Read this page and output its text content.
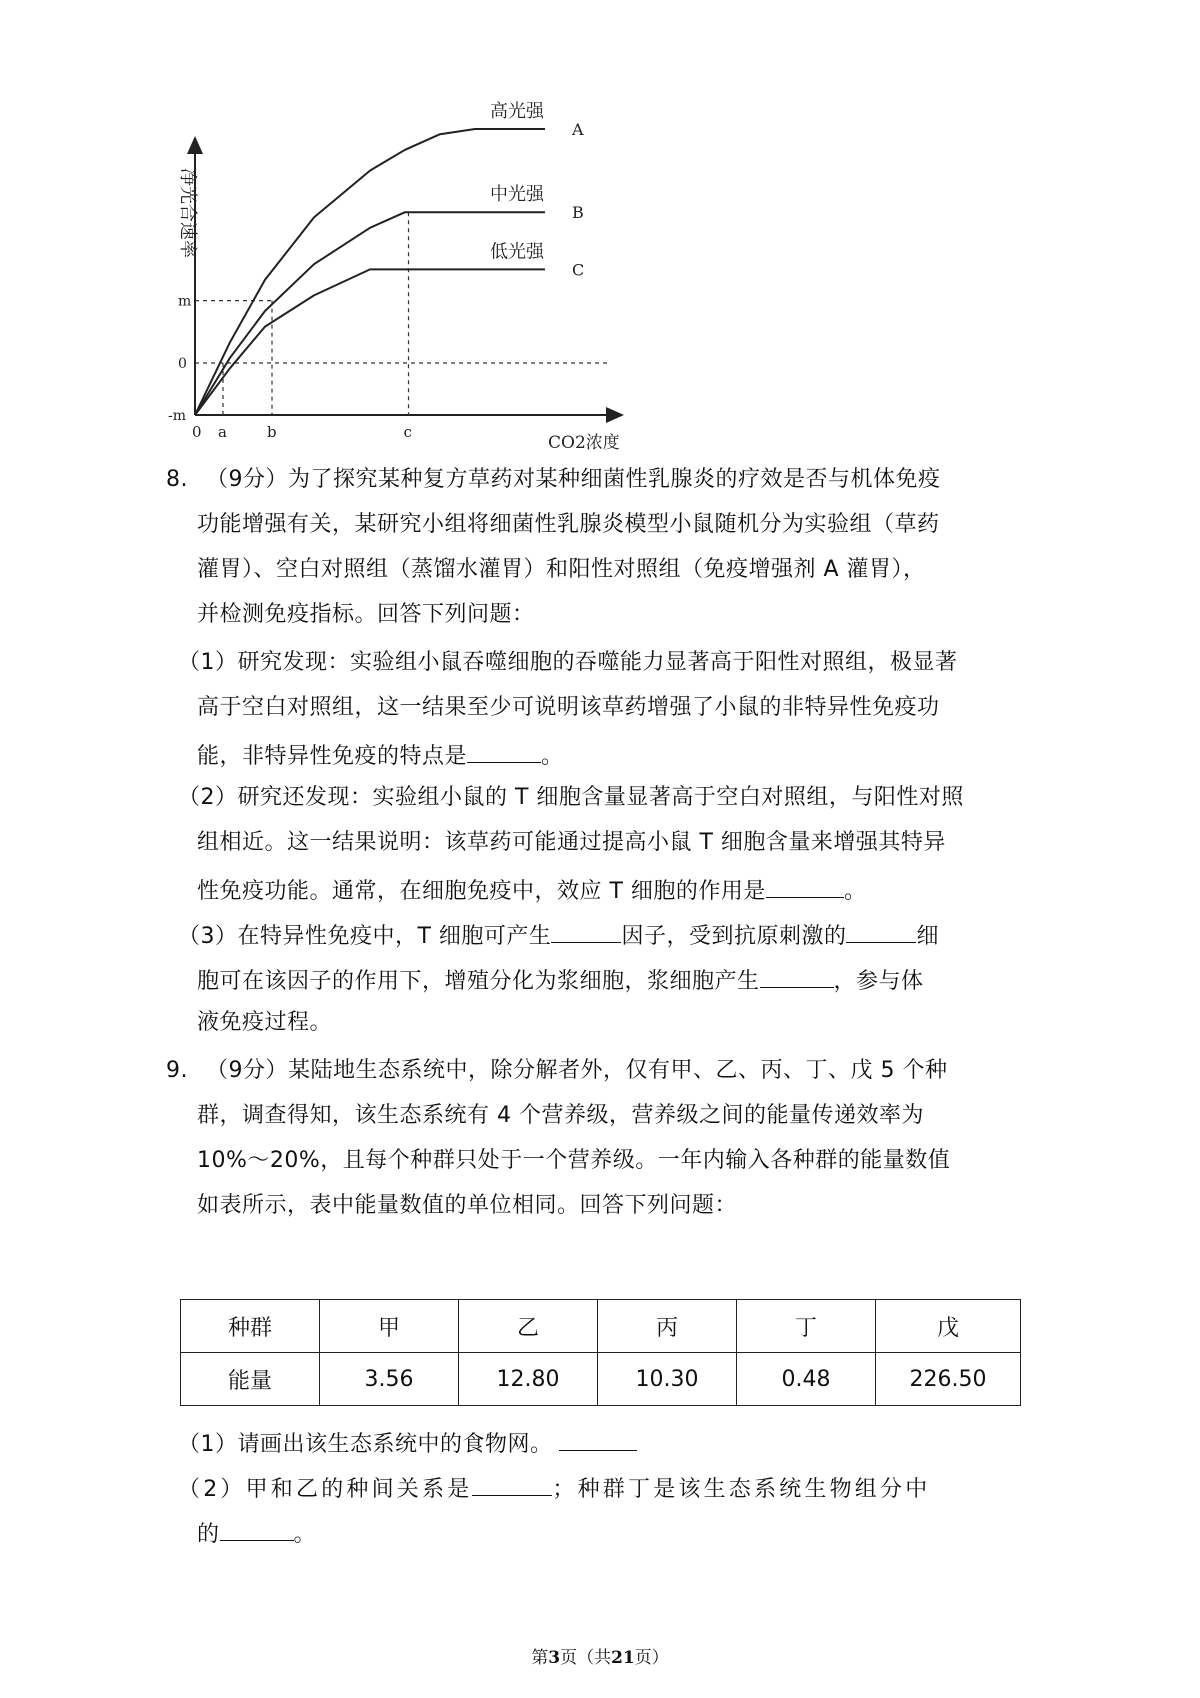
净光合速率
高光强
A
中光强
B
低光强
C
m
0
-m
0 a	b	c
CO2浓度
8. （9分）为了探究某种复方草药对某种细菌性乳腺炎的疗效是否与机体免疫
功能增强有关，某研究小组将细菌性乳腺炎模型小鼠随机分为实验组（草药
灌胃）、空白对照组（蒸馏水灌胃）和阳性对照组（免疫增强剂 A 灌胃），
并检测免疫指标。回答下列问题：
（1）研究发现：实验组小鼠吞噬细胞的吞噬能力显著高于阳性对照组，极显著
高于空白对照组，这一结果至少可说明该草药增强了小鼠的非特异性免疫功
能，非特异性免疫的特点是	。
（2）研究还发现：实验组小鼠的 T 细胞含量显著高于空白对照组，与阳性对照
组相近。这一结果说明：该草药可能通过提高小鼠 T 细胞含量来增强其特异
性免疫功能。通常，在细胞免疫中，效应 T 细胞的作用是	。
（3）在特异性免疫中，T 细胞可产生	因子，受到抗原刺激的	细
胞可在该因子的作用下，增殖分化为浆细胞，浆细胞产生	，参与体
液免疫过程。
9. （9分）某陆地生态系统中，除分解者外，仅有甲、乙、丙、丁、戊 5 个种
群，调查得知，该生态系统有 4 个营养级，营养级之间的能量传递效率为
10%～20%，且每个种群只处于一个营养级。一年内输入各种群的能量数值
如表所示，表中能量数值的单位相同。回答下列问题：
种群	甲	乙	丙	丁	戊
能量	3.56	12.80	10.30	0.48	226.50
（1）请画出该生态系统中的食物网。
（2）甲和乙的种间关系是	；种群丁是该生态系统生物组分中
的	。
第3页（共21页）
